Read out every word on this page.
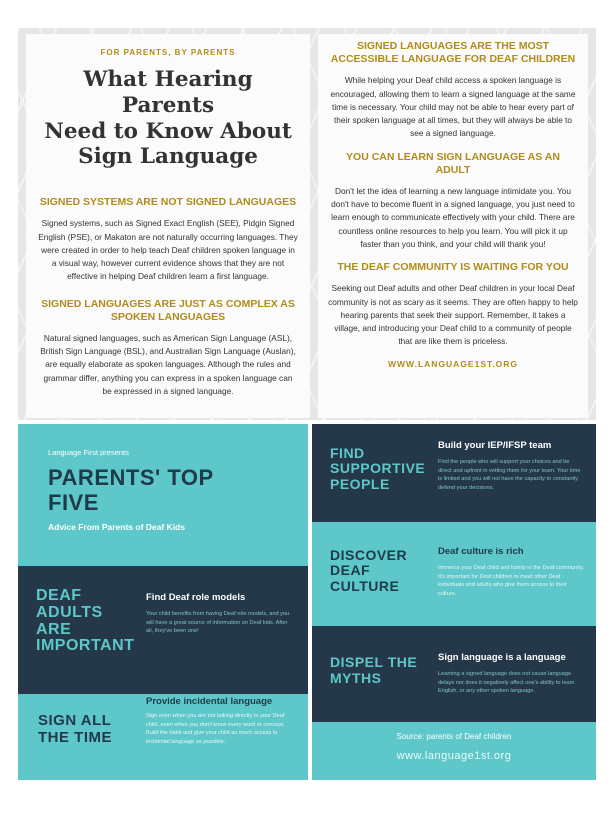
FOR PARENTS, BY PARENTS
What Hearing Parents
Need to Know About
Sign Language
SIGNED SYSTEMS ARE NOT SIGNED LANGUAGES
Signed systems, such as Signed Exact English (SEE), Pidgin Signed English (PSE), or Makaton are not naturally occurring languages. They were created in order to help teach Deaf children spoken language in a visual way, however current evidence shows that they are not effective in helping Deaf children learn a first language.
SIGNED LANGUAGES ARE JUST AS COMPLEX AS SPOKEN LANGUAGES
Natural signed languages, such as American Sign Language (ASL), British Sign Language (BSL), and Australian Sign Language (Auslan), are equally elaborate as spoken languages. Although the rules and grammar differ, anything you can express in a spoken language can be expressed in a signed language.
SIGNED LANGUAGES ARE THE MOST ACCESSIBLE LANGUAGE FOR DEAF CHILDREN
While helping your Deaf child access a spoken language is encouraged, allowing them to learn a signed language at the same time is necessary. Your child may not be able to hear every part of their spoken language at all times, but they will always be able to see a signed language.
YOU CAN LEARN SIGN LANGUAGE AS AN ADULT
Don't let the idea of learning a new language intimidate you. You don't have to become fluent in a signed language, you just need to learn enough to communicate effectively with your child. There are countless online resources to help you learn. You will pick it up faster than you think, and your child will thank you!
THE DEAF COMMUNITY IS WAITING FOR YOU
Seeking out Deaf adults and other Deaf children in your local Deaf community is not as scary as it seems. They are often happy to help hearing parents that seek their support. Remember, it takes a village, and introducing your Deaf child to a community of people that are like them is priceless.
WWW.LANGUAGE1ST.ORG
Language First presents
PARENTS' TOP
FIVE
Advice From Parents of Deaf Kids
DEAF
ADULTS
ARE
IMPORTANT
Find Deaf role models
Your child benefits from having Deaf role models, and you will have a great source of information on Deaf kids. After all, they've been one!
SIGN ALL
THE TIME
Provide incidental language
Sign even when you are not talking directly to your Deaf child, even when you don't know every word or concept. Build the habit and give your child as much access to incidental language as possible.
FIND
SUPPORTIVE
PEOPLE
Build your IEP/IFSP team
Find the people who will support your choices and be direct and upfront in vetting them for your team. Your time is limited and you will not have the capacity to constantly defend your decisions.
DISCOVER
DEAF
CULTURE
Deaf culture is rich
Immerse your Deaf child and family in the Deaf community. It's important for Deaf children to meet other Deaf individuals and adults who give them access to their culture.
DISPEL THE
MYTHS
Sign language is a language
Learning a signed language does not cause language delays nor does it negatively affect one's ability to learn English, or any other spoken language.
Source: parents of Deaf children
www.language1st.org
